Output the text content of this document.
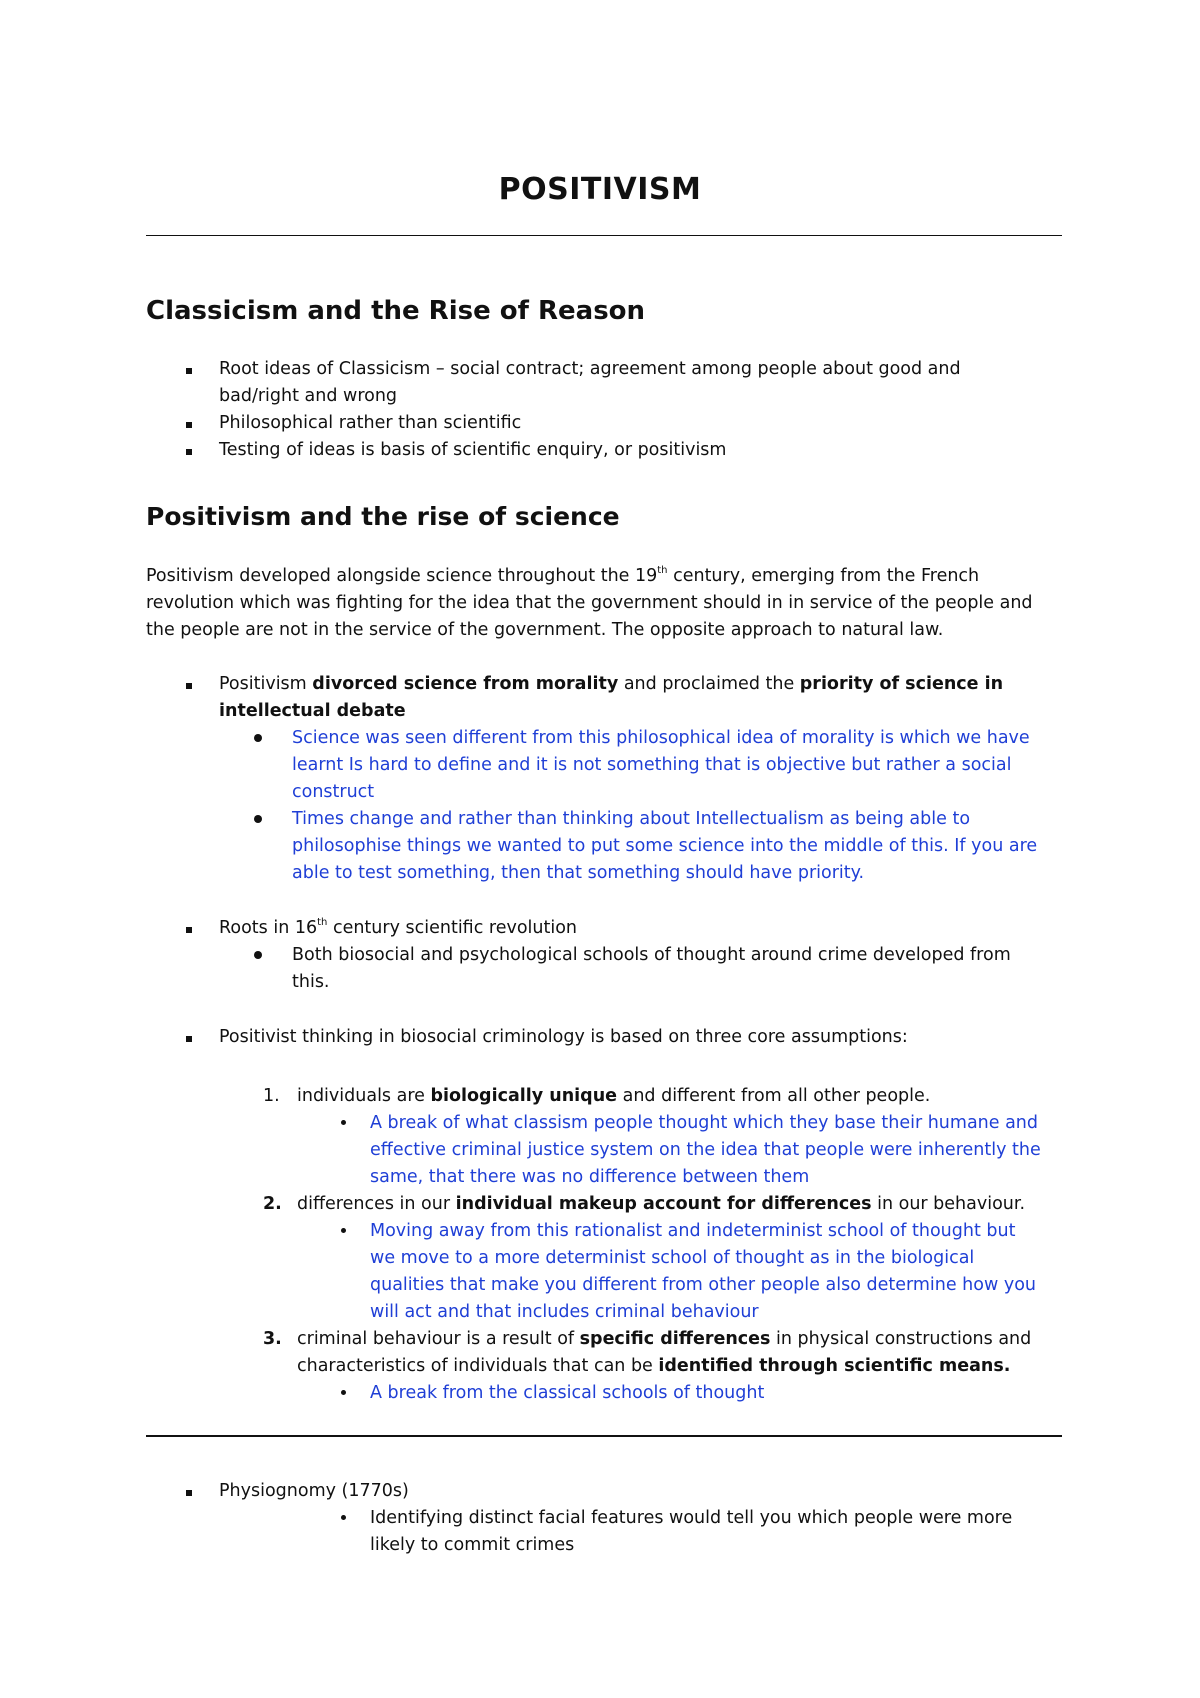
POSITIVISM
Classicism and the Rise of Reason
Root ideas of Classicism – social contract; agreement among people about good and
bad/right and wrong
Philosophical rather than scientific
Testing of ideas is basis of scientific enquiry, or positivism
Positivism and the rise of science
Positivism developed alongside science throughout the 19th century, emerging from the French
revolution which was fighting for the idea that the government should in in service of the people and
the people are not in the service of the government. The opposite approach to natural law.
Positivism divorced science from morality and proclaimed the priority of science in
intellectual debate
Science was seen different from this philosophical idea of morality is which we have
learnt Is hard to define and it is not something that is objective but rather a social
construct
Times change and rather than thinking about Intellectualism as being able to
philosophise things we wanted to put some science into the middle of this. If you are
able to test something, then that something should have priority.
Roots in 16th century scientific revolution
Both biosocial and psychological schools of thought around crime developed from
this.
Positivist thinking in biosocial criminology is based on three core assumptions:
1. individuals are biologically unique and different from all other people.
A break of what classism people thought which they base their humane and
effective criminal justice system on the idea that people were inherently the
same, that there was no difference between them
2. differences in our individual makeup account for differences in our behaviour.
Moving away from this rationalist and indeterminist school of thought but
we move to a more determinist school of thought as in the biological
qualities that make you different from other people also determine how you
will act and that includes criminal behaviour
3. criminal behaviour is a result of specific differences in physical constructions and
characteristics of individuals that can be identified through scientific means.
A break from the classical schools of thought
Physiognomy (1770s)
Identifying distinct facial features would tell you which people were more
likely to commit crimes
